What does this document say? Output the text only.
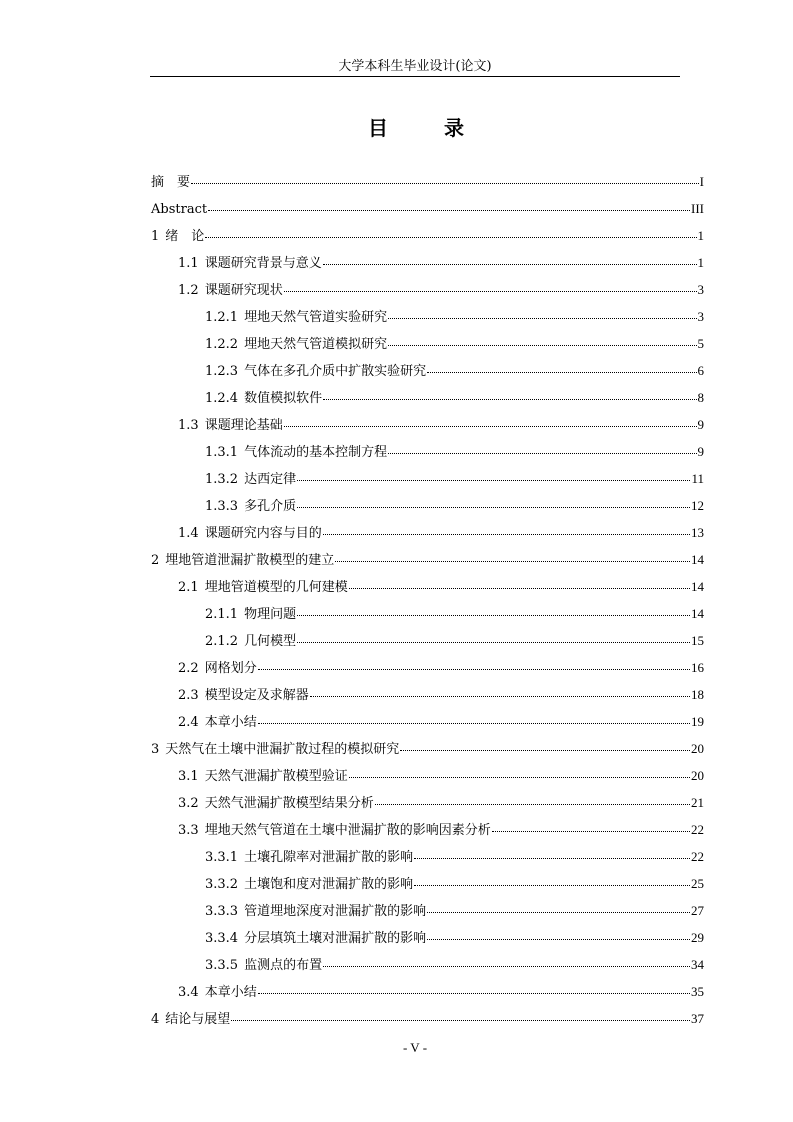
大学本科生毕业设计(论文)
目　录
摘　要	I
Abstract	III
1 绪　论	1
1.1 课题研究背景与意义	1
1.2 课题研究现状	3
1.2.1 埋地天然气管道实验研究	3
1.2.2 埋地天然气管道模拟研究	5
1.2.3 气体在多孔介质中扩散实验研究	6
1.2.4 数值模拟软件	8
1.3 课题理论基础	9
1.3.1 气体流动的基本控制方程	9
1.3.2 达西定律	11
1.3.3 多孔介质	12
1.4 课题研究内容与目的	13
2 埋地管道泄漏扩散模型的建立	14
2.1 埋地管道模型的几何建模	14
2.1.1 物理问题	14
2.1.2 几何模型	15
2.2 网格划分	16
2.3 模型设定及求解器	18
2.4 本章小结	19
3 天然气在土壤中泄漏扩散过程的模拟研究	20
3.1 天然气泄漏扩散模型验证	20
3.2 天然气泄漏扩散模型结果分析	21
3.3 埋地天然气管道在土壤中泄漏扩散的影响因素分析	22
3.3.1 土壤孔隙率对泄漏扩散的影响	22
3.3.2 土壤饱和度对泄漏扩散的影响	25
3.3.3 管道埋地深度对泄漏扩散的影响	27
3.3.4 分层填筑土壤对泄漏扩散的影响	29
3.3.5 监测点的布置	34
3.4 本章小结	35
4 结论与展望	37
- V -
